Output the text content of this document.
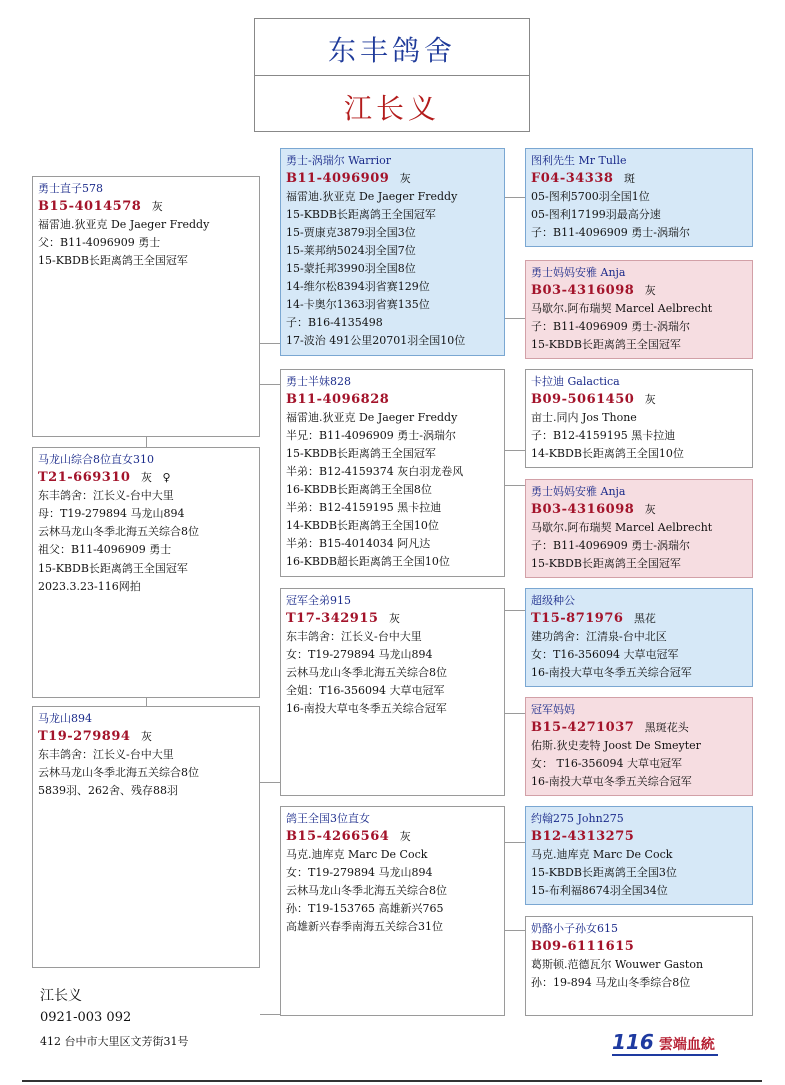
东丰鸽舍
江长义
勇士直子578
B15-4014578 灰
福雷迪.狄亚克 De Jaeger Freddy
父：B11-4096909 勇士
15-KBDB长距离鸽王全国冠军
马龙山综合8位直女310
T21-669310 灰 ♀
东丰鸽舍：江长义-台中大里
母：T19-279894 马龙山894
云林马龙山冬季北海五关综合8位
祖父：B11-4096909 勇士
15-KBDB长距离鸽王全国冠军
2023.3.23-116网拍
马龙山894
T19-279894 灰
东丰鸽舍：江长义-台中大里
云林马龙山冬季北海五关综合8位
5839羽、262舍、残存88羽
勇士-涡瑞尔 Warrior
B11-4096909 灰
福雷迪.狄亚克 De Jaeger Freddy
15-KBDB长距离鸽王全国冠军
15-贾康克3879羽全国3位
15-莱邦纳5024羽全国7位
15-蒙托邦3990羽全国8位
14-维尔松8394羽省赛129位
14-卡奥尔1363羽省赛135位
子：B16-4135498
17-波治 491公里20701羽全国10位
勇士半妹828
B11-4096828
福雷迪.狄亚克 De Jaeger Freddy
半兄：B11-4096909 勇士-涡瑞尔
15-KBDB长距离鸽王全国冠军
半弟：B12-4159374 灰白羽龙卷风
16-KBDB长距离鸽王全国8位
半弟：B12-4159195 黑卡拉迪
14-KBDB长距离鸽王全国10位
半弟：B15-4014034 阿凡达
16-KBDB超长距离鸽王全国10位
冠军全弟915
T17-342915 灰
东丰鸽舍：江长义-台中大里
女：T19-279894 马龙山894
云林马龙山冬季北海五关综合8位
全姐：T16-356094 大草屯冠军
16-南投大草屯冬季五关综合冠军
鸽王全国3位直女
B15-4266564 灰
马克.迪库克 Marc De Cock
女：T19-279894 马龙山894
云林马龙山冬季北海五关综合8位
孙：T19-153765 高雄新兴765
高雄新兴春季南海五关综合31位
图利先生 Mr Tulle
F04-34338 斑
05-图利5700羽全国1位
05-图利17199羽最高分速
子：B11-4096909 勇士-涡瑞尔
勇士妈妈安雅 Anja
B03-4316098 灰
马歇尔.阿布瑞契 Marcel Aelbrecht
子：B11-4096909 勇士-涡瑞尔
15-KBDB长距离鸽王全国冠军
卡拉迪 Galactica
B09-5061450 灰
亩士.同内 Jos Thone
子：B12-4159195 黑卡拉迪
14-KBDB长距离鸽王全国10位
勇士妈妈安雅 Anja
B03-4316098 灰
马歇尔.阿布瑞契 Marcel Aelbrecht
子：B11-4096909 勇士-涡瑞尔
15-KBDB长距离鸽王全国冠军
超级种公
T15-871976 黑花
建功鸽舍：江清泉-台中北区
女：T16-356094 大草屯冠军
16-南投大草屯冬季五关综合冠军
冠军妈妈
B15-4271037 黑斑花头
佑斯.狄史麦特 Joost De Smeyter
女： T16-356094 大草屯冠军
16-南投大草屯冬季五关综合冠军
约翰275 John275
B12-4313275
马克.迪库克 Marc De Cock
15-KBDB长距离鸽王全国3位
15-布利福8674羽全国34位
奶酪小子孙女615
B09-6111615
葛斯顿.范德瓦尔 Wouwer Gaston
孙：19-894 马龙山冬季综合8位
江长义
0921-003 092
412 台中市大里区文芳街31号	116 雲端血統
